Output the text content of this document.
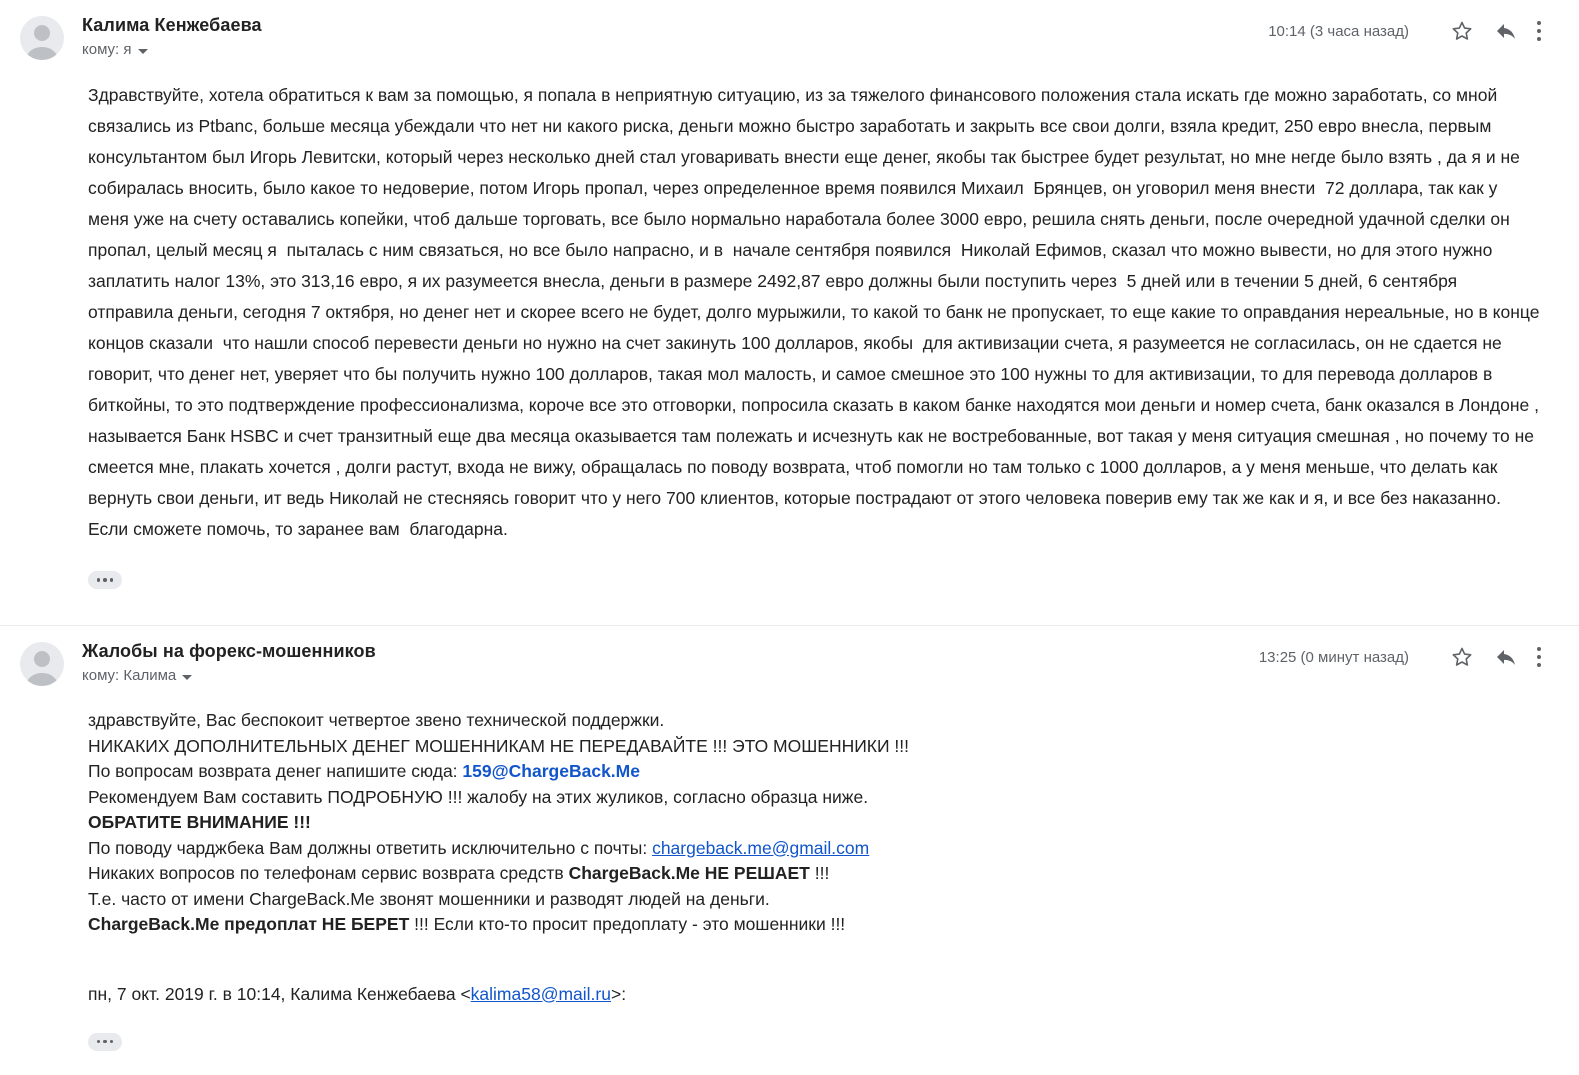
Калима Кенжебаева
кому: я
10:14 (3 часа назад)
Здравствуйте, хотела обратиться к вам за помощью, я попала в неприятную ситуацию, из за тяжелого финансового положения стала искать где можно заработать, со мной связались из Ptbanc, больше месяца убеждали что нет ни какого риска, деньги можно быстро заработать и закрыть все свои долги, взяла кредит, 250 евро внесла, первым консультантом был Игорь Левитски, который через несколько дней стал уговаривать внести еще денег, якобы так быстрее будет результат, но мне негде было взять , да я и не собиралась вносить, было какое то недоверие, потом Игорь пропал, через определенное время появился Михаил  Брянцев, он уговорил меня внести  72 доллара, так как у меня уже на счету оставались копейки, чтоб дальше торговать, все было нормально наработала более 3000 евро, решила снять деньги, после очередной удачной сделки он пропал, целый месяц я  пыталась с ним связаться, но все было напрасно, и в  начале сентября появился  Николай Ефимов, сказал что можно вывести, но для этого нужно заплатить налог 13%, это 313,16 евро, я их разумеется внесла, деньги в размере 2492,87 евро должны были поступить через  5 дней или в течении 5 дней, 6 сентября отправила деньги, сегодня 7 октября, но денег нет и скорее всего не будет, долго мурыжили, то какой то банк не пропускает, то еще какие то оправдания нереальные, но в конце концов сказали  что нашли способ перевести деньги но нужно на счет закинуть 100 долларов, якобы  для активизации счета, я разумеется не согласилась, он не сдается не говорит, что денег нет, уверяет что бы получить нужно 100 долларов, такая мол малость, и самое смешное это 100 нужны то для активизации, то для перевода долларов в биткойны, то это подтверждение профессионализма, короче все это отговорки, попросила сказать в каком банке находятся мои деньги и номер счета, банк оказался в Лондоне , называется Банк HSBC и счет транзитный еще два месяца оказывается там полежать и исчезнуть как не востребованные, вот такая у меня ситуация смешная , но почему то не смеется мне, плакать хочется , долги растут, входа не вижу, обращалась по поводу возврата, чтоб помогли но там только с 1000 долларов, а у меня меньше, что делать как вернуть свои деньги, ит ведь Николай не стесняясь говорит что у него 700 клиентов, которые пострадают от этого человека поверив ему так же как и я, и все без наказанно. Если сможете помочь, то заранее вам  благодарна.
Жалобы на форекс-мошенников
кому: Калима
13:25 (0 минут назад)
здравствуйте, Вас беспокоит четвертое звено технической поддержки.
НИКАКИХ ДОПОЛНИТЕЛЬНЫХ ДЕНЕГ МОШЕННИКАМ НЕ ПЕРЕДАВАЙТЕ !!! ЭТО МОШЕННИКИ !!!
По вопросам возврата денег напишите сюда: 159@ChargeBack.Me
Рекомендуем Вам составить ПОДРОБНУЮ !!! жалобу на этих жуликов, согласно образца ниже.
ОБРАТИТЕ ВНИМАНИЕ !!!
По поводу чарджбека Вам должны ответить исключительно с почты: chargeback.me@gmail.com
Никаких вопросов по телефонам сервис возврата средств ChargeBack.Me НЕ РЕШАЕТ !!!
Т.е. часто от имени ChargeBack.Me звонят мошенники и разводят людей на деньги.
ChargeBack.Me предоплат НЕ БЕРЕТ !!! Если кто-то просит предоплату - это мошенники !!!
пн, 7 окт. 2019 г. в 10:14, Калима Кенжебаева <kalima58@mail.ru>:
